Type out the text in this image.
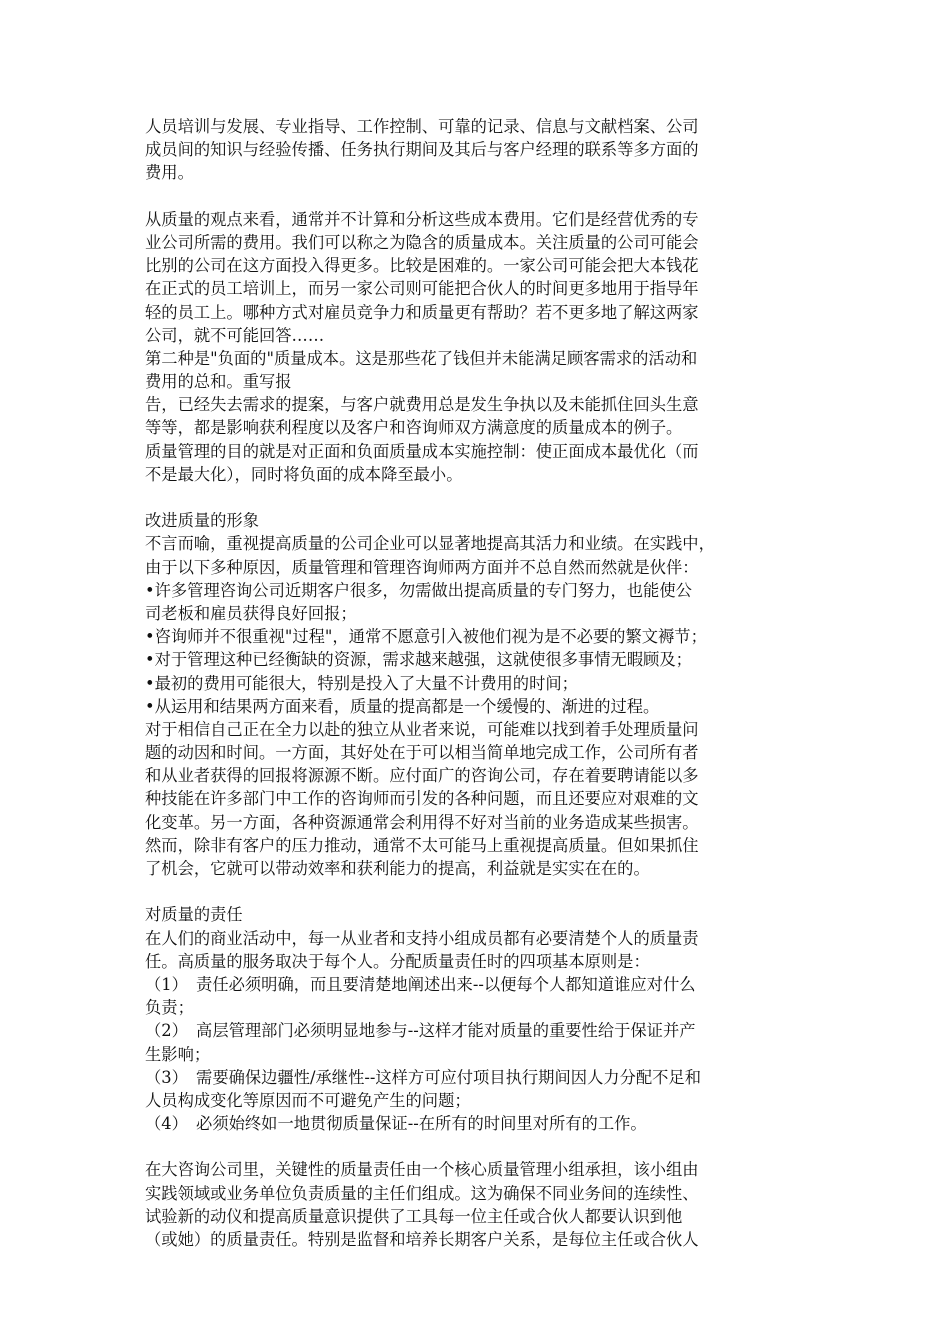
人员培训与发展、专业指导、工作控制、可靠的记录、信息与文献档案、公司
成员间的知识与经验传播、任务执行期间及其后与客户经理的联系等多方面的
费用。
从质量的观点来看，通常并不计算和分析这些成本费用。它们是经营优秀的专
业公司所需的费用。我们可以称之为隐含的质量成本。关注质量的公司可能会
比别的公司在这方面投入得更多。比较是困难的。一家公司可能会把大本钱花
在正式的员工培训上，而另一家公司则可能把合伙人的时间更多地用于指导年
轻的员工上。哪种方式对雇员竞争力和质量更有帮助？若不更多地了解这两家
公司，就不可能回答……
第二种是"负面的"质量成本。这是那些花了钱但并未能满足顾客需求的活动和
费用的总和。重写报
告，已经失去需求的提案，与客户就费用总是发生争执以及未能抓住回头生意
等等，都是影响获利程度以及客户和咨询师双方满意度的质量成本的例子。
质量管理的目的就是对正面和负面质量成本实施控制：使正面成本最优化（而
不是最大化），同时将负面的成本降至最小。
改进质量的形象
不言而喻，重视提高质量的公司企业可以显著地提高其活力和业绩。在实践中，
由于以下多种原因，质量管理和管理咨询师两方面并不总自然而然就是伙伴：
•许多管理咨询公司近期客户很多，勿需做出提高质量的专门努力，也能使公
司老板和雇员获得良好回报；
•咨询师并不很重视"过程"，通常不愿意引入被他们视为是不必要的繁文褥节；
•对于管理这种已经衡缺的资源，需求越来越强，这就使很多事情无暇顾及；
•最初的费用可能很大，特别是投入了大量不计费用的时间；
•从运用和结果两方面来看，质量的提高都是一个缓慢的、渐进的过程。
对于相信自己正在全力以赴的独立从业者来说，可能难以找到着手处理质量问
题的动因和时间。一方面，其好处在于可以相当简单地完成工作，公司所有者
和从业者获得的回报将源源不断。应付面广的咨询公司，存在着要聘请能以多
种技能在许多部门中工作的咨询师而引发的各种问题，而且还要应对艰难的文
化变革。另一方面，各种资源通常会利用得不好对当前的业务造成某些损害。
然而，除非有客户的压力推动，通常不太可能马上重视提高质量。但如果抓住
了机会，它就可以带动效率和获利能力的提高，利益就是实实在在的。
对质量的责任
在人们的商业活动中，每一从业者和支持小组成员都有必要清楚个人的质量责
任。高质量的服务取决于每个人。分配质量责任时的四项基本原则是：
（1）　责任必须明确，而且要清楚地阐述出来--以便每个人都知道谁应对什么
负责；
（2）　高层管理部门必须明显地参与--这样才能对质量的重要性给于保证并产
生影响；
（3）　需要确保边疆性/承继性--这样方可应付项目执行期间因人力分配不足和
人员构成变化等原因而不可避免产生的问题；
（4）　必须始终如一地贯彻质量保证--在所有的时间里对所有的工作。
在大咨询公司里，关键性的质量责任由一个核心质量管理小组承担，该小组由
实践领域或业务单位负责质量的主任们组成。这为确保不同业务间的连续性、
试验新的动仪和提高质量意识提供了工具每一位主任或合伙人都要认识到他
（或她）的质量责任。特别是监督和培养长期客户关系，是每位主任或合伙人
